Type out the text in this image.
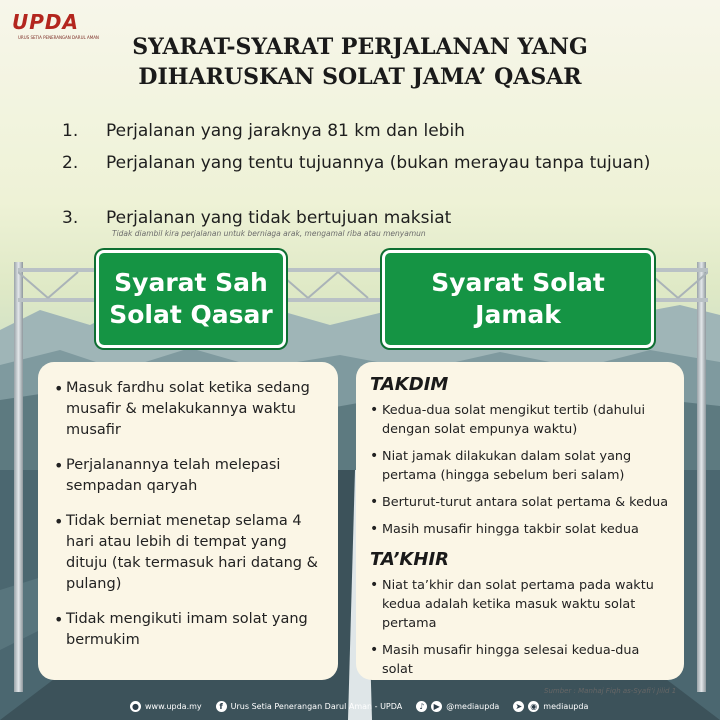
UPDA
URUS SETIA PENERANGAN DARUL AMAN	SYARAT-SYARAT PERJALANAN YANG
DIHARUSKAN SOLAT JAMA’ QASAR
1.	Perjalanan yang jaraknya 81 km dan lebih
2.	Perjalanan yang tentu tujuannya (bukan merayau tanpa tujuan)
3.	Perjalanan yang tidak bertujuan maksiat
Tidak diambil kira perjalanan untuk berniaga arak, mengamal riba atau menyamun
Syarat Sah
Solat Qasar
Syarat Solat
Jamak
• Masuk fardhu solat ketika sedang musafir & melakukannya waktu musafir
• Perjalanannya telah melepasi sempadan qaryah
• Tidak berniat menetap selama 4 hari atau lebih di tempat yang dituju (tak termasuk hari datang & pulang)
• Tidak mengikuti imam solat yang bermukim
TAKDIM
• Kedua-dua solat mengikut tertib (dahului dengan solat empunya waktu)
• Niat jamak dilakukan dalam solat yang pertama (hingga sebelum beri salam)
• Berturut-turut antara solat pertama & kedua
• Masih musafir hingga takbir solat kedua
TA’KHIR
• Niat ta’khir dan solat pertama pada waktu kedua adalah ketika masuk waktu solat pertama
• Masih musafir hingga selesai kedua-dua solat
Sumber : Manhaj Fiqh as-Syafi’i Jilid 1
● www.upda.my	f Urus Setia Penerangan Darul Aman - UPDA	♪	▶ @mediaupda ➤ ◉ mediaupda
